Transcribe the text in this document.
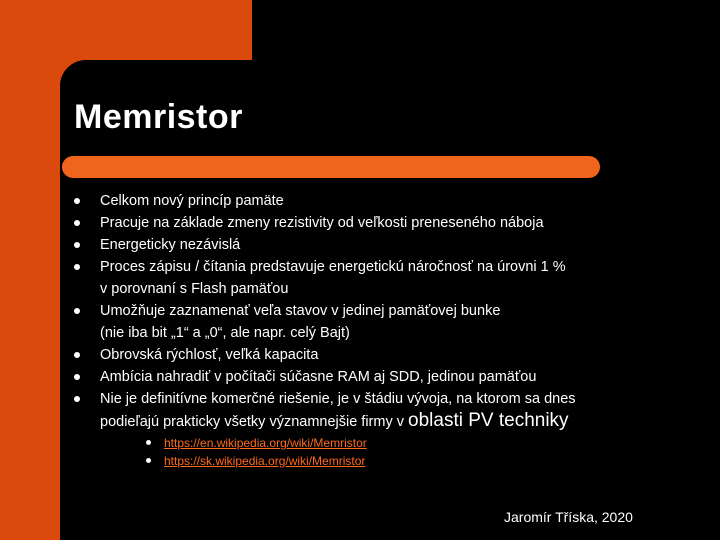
Memristor
Celkom nový princíp pamäte
Pracuje na základe zmeny rezistivity od veľkosti preneseného náboja
Energeticky nezávislá
Proces zápisu / čítania predstavuje energetickú náročnosť na úrovni 1 %
v porovnaní s Flash pamäťou
Umožňuje zaznamenať veľa stavov v jedinej pamäťovej bunke
(nie iba bit „1“ a „0“, ale napr. celý Bajt)
Obrovská rýchlosť, veľká kapacita
Ambícia nahradiť v počítači súčasne RAM aj SDD, jedinou pamäťou
Nie je definitívne komerčné riešenie, je v štádiu vývoja, na ktorom sa dnes
podieľajú prakticky všetky významnejšie firmy v oblasti PV techniky
https://en.wikipedia.org/wiki/Memristor
https://sk.wikipedia.org/wiki/Memristor
Jaromír Tříska, 2020
